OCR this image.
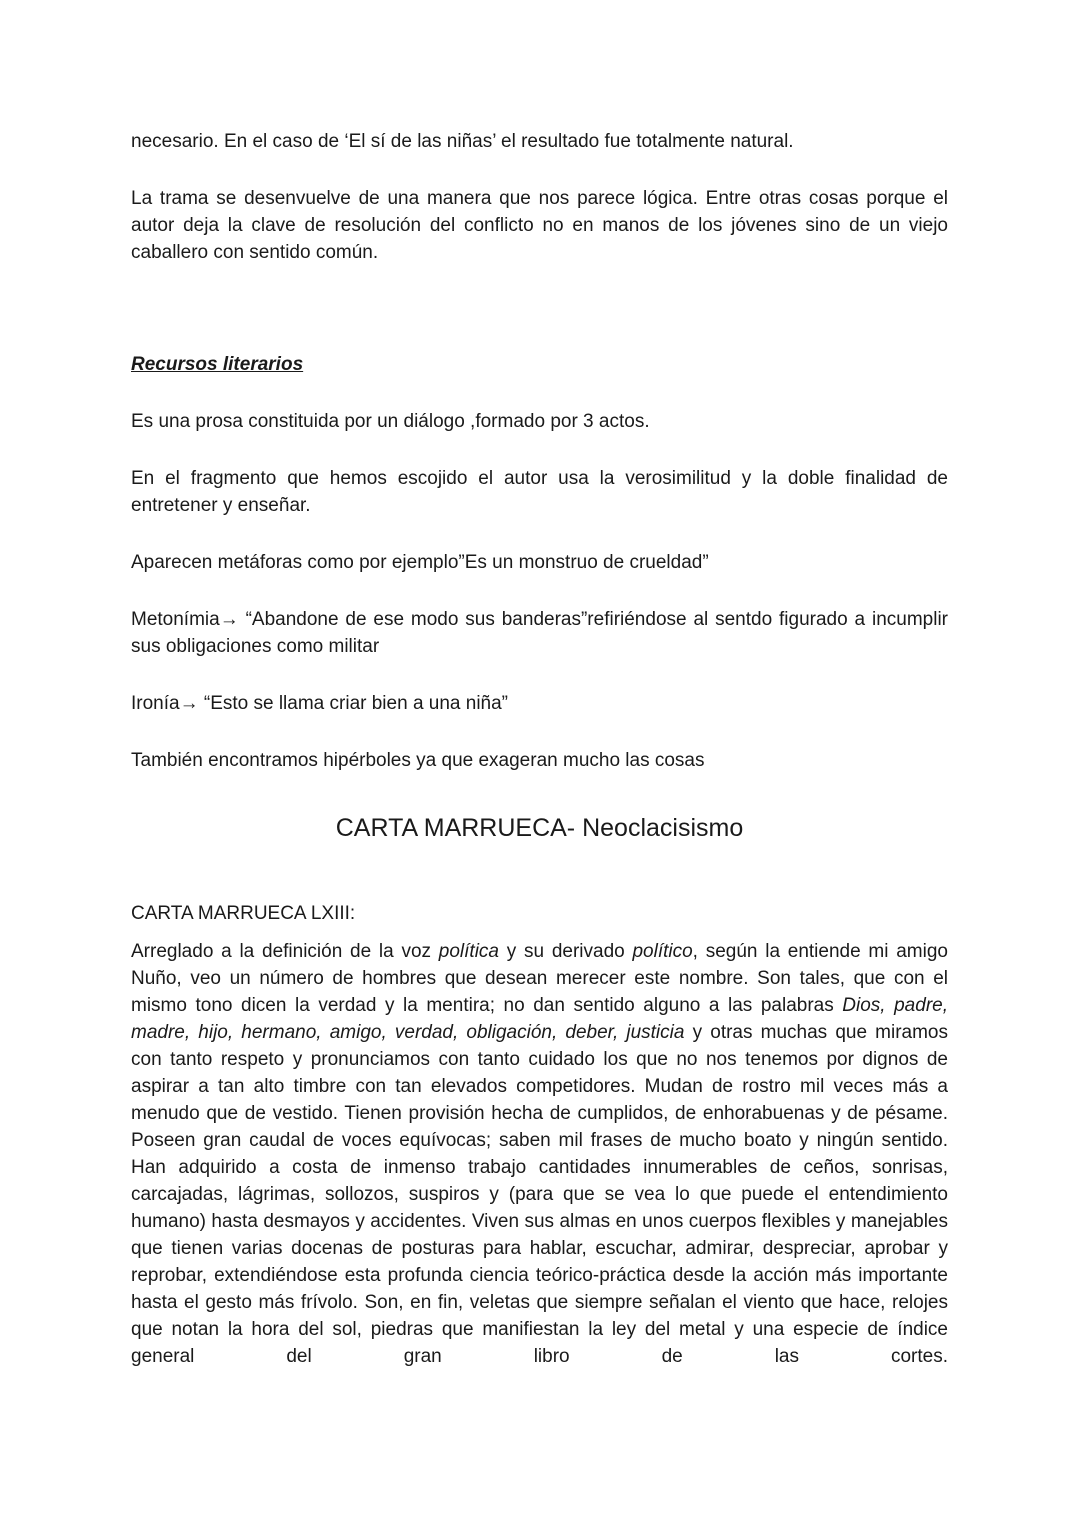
necesario. En el caso de ‘El sí de las niñas’ el resultado fue totalmente natural.

La trama se desenvuelve de una manera que nos parece lógica. Entre otras cosas porque el autor deja la clave de resolución del conflicto no en manos de los jóvenes sino de un viejo caballero con sentido común.

Recursos literarios

Es una prosa constituida por un diálogo ,formado por 3 actos.

En el fragmento que hemos escojido el autor usa la verosimilitud y la doble finalidad de entretener y enseñar.

Aparecen metáforas como por ejemplo”Es un monstruo de crueldad”

Metonímia→ “Abandone de ese modo sus banderas”refiriéndose al sentdo figurado a incumplir sus obligaciones como militar

Ironía→ “Esto se llama criar bien a una niña”

También encontramos hipérboles ya que exageran mucho las cosas

CARTA MARRUECA- Neoclacisismo
CARTA MARRUECA LXIII:

Arreglado a la definición de la voz política y su derivado político, según la entiende mi amigo Nuño, veo un número de hombres que desean merecer este nombre. Son tales, que con el mismo tono dicen la verdad y la mentira; no dan sentido alguno a las palabras Dios, padre, madre, hijo, hermano, amigo, verdad, obligación, deber, justicia y otras muchas que miramos con tanto respeto y pronunciamos con tanto cuidado los que no nos tenemos por dignos de aspirar a tan alto timbre con tan elevados competidores. Mudan de rostro mil veces más a menudo que de vestido. Tienen provisión hecha de cumplidos, de enhorabuenas y de pésame. Poseen gran caudal de voces equívocas; saben mil frases de mucho boato y ningún sentido. Han adquirido a costa de inmenso trabajo cantidades innumerables de ceños, sonrisas, carcajadas, lágrimas, sollozos, suspiros y (para que se vea lo que puede el entendimiento humano) hasta desmayos y accidentes. Viven sus almas en unos cuerpos flexibles y manejables que tienen varias docenas de posturas para hablar, escuchar, admirar, despreciar, aprobar y reprobar, extendiéndose esta profunda ciencia teórico-práctica desde la acción más importante hasta el gesto más frívolo. Son, en fin, veletas que siempre señalan el viento que hace, relojes que notan la hora del sol, piedras que manifiestan la ley del metal y una especie de índice general del gran libro de las cortes.
